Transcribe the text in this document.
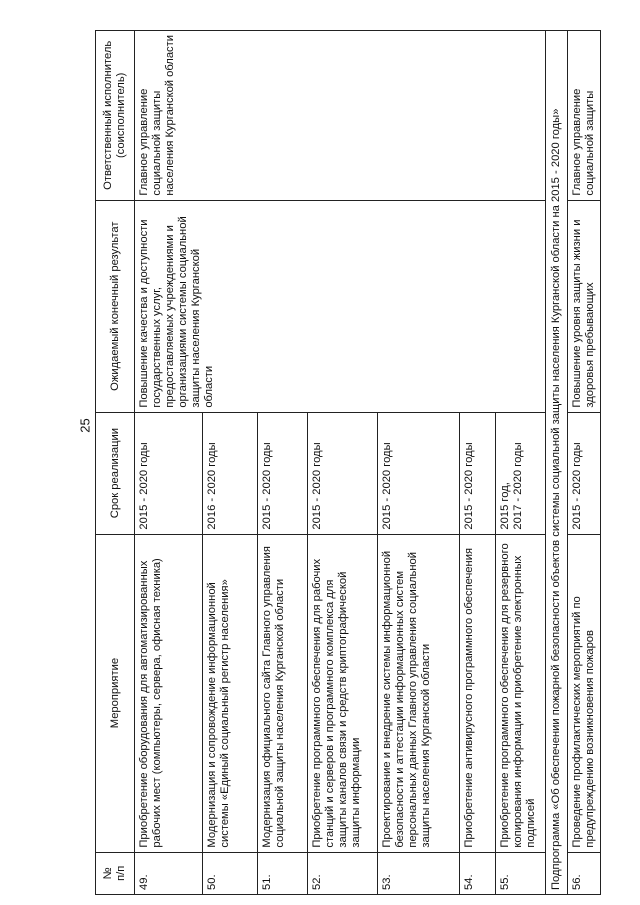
25
№
п/п	Мероприятие	Срок реализации	Ожидаемый конечный результат	Ответственный исполнитель (соисполнитель)
49.	Приобретение оборудования для автоматизированных рабочих мест (компьютеры, сервера, офисная техника)	2015 - 2020 годы	Повышение качества и доступности государственных услуг, предоставляемых учреждениями и организациями системы социальной защиты населения Курганской области	Главное управление социальной защиты населения Курганской области
50.	Модернизация и сопровождение информационной системы «Единый социальный регистр населения»	2016 - 2020 годы		
51.	Модернизация официального сайта Главного управления социальной защиты населения Курганской области	2015 - 2020 годы		
52.	Приобретение программного обеспечения для рабочих станций и серверов и программного комплекса для защиты каналов связи и средств криптографической защиты информации	2015 - 2020 годы		
53.	Проектирование и внедрение системы информационной безопасности и аттестации информационных систем персональных данных Главного управления социальной защиты населения Курганской области	2015 - 2020 годы		
54.	Приобретение антивирусного программного обеспечения	2015 - 2020 годы		
55.	Приобретение программного обеспечения для резервного копирования информации и приобретение электронных подписей	2015 год,
2017 - 2020 годы		
Подпрограмма «Об обеспечении пожарной безопасности объектов системы социальной защиты населения Курганской области на 2015 - 2020 годы»				
56.	Проведение профилактических мероприятий по предупреждению возникновения пожаров	2015 - 2020 годы	Повышение уровня защиты жизни и здоровья пребывающих	Главное управление социальной защиты
